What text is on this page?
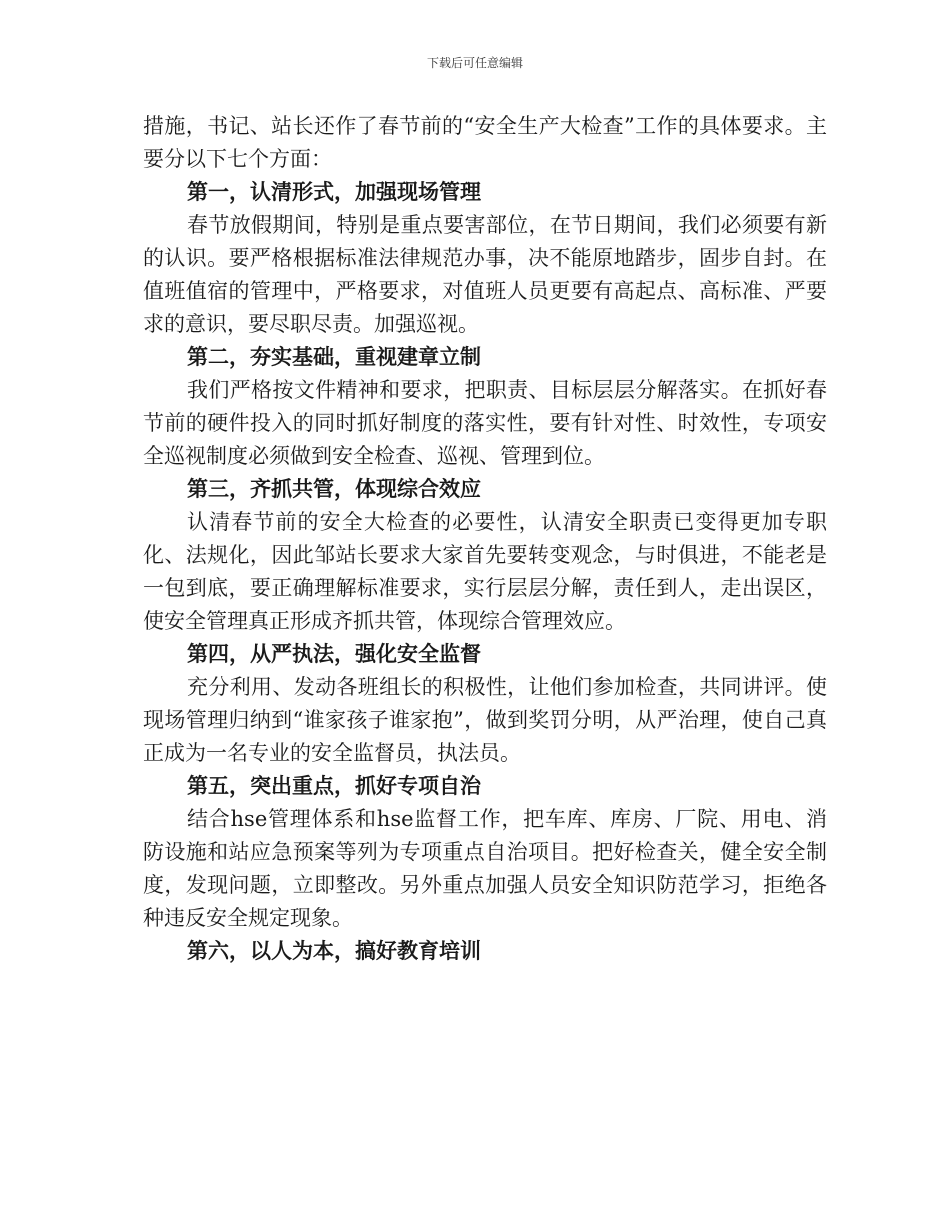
下载后可任意编辑

措施，书记、站长还作了春节前的“安全生产大检查”工作的具体要求。主要分以下七个方面：

第一，认清形式，加强现场管理

春节放假期间，特别是重点要害部位，在节日期间，我们必须要有新的认识。要严格根据标准法律规范办事，决不能原地踏步，固步自封。在值班值宿的管理中，严格要求，对值班人员更要有高起点、高标准、严要求的意识，要尽职尽责。加强巡视。

第二，夯实基础，重视建章立制

我们严格按文件精神和要求，把职责、目标层层分解落实。在抓好春节前的硬件投入的同时抓好制度的落实性，要有针对性、时效性，专项安全巡视制度必须做到安全检查、巡视、管理到位。

第三，齐抓共管，体现综合效应

认清春节前的安全大检查的必要性，认清安全职责已变得更加专职化、法规化，因此邹站长要求大家首先要转变观念，与时俱进，不能老是一包到底，要正确理解标准要求，实行层层分解，责任到人，走出误区，使安全管理真正形成齐抓共管，体现综合管理效应。

第四，从严执法，强化安全监督

充分利用、发动各班组长的积极性，让他们参加检查，共同讲评。使现场管理归纳到“谁家孩子谁家抱”，做到奖罚分明，从严治理，使自己真正成为一名专业的安全监督员，执法员。

第五，突出重点，抓好专项自治

结合hse管理体系和hse监督工作，把车库、库房、厂院、用电、消防设施和站应急预案等列为专项重点自治项目。把好检查关，健全安全制度，发现问题，立即整改。另外重点加强人员安全知识防范学习，拒绝各种违反安全规定现象。

第六，以人为本，搞好教育培训
